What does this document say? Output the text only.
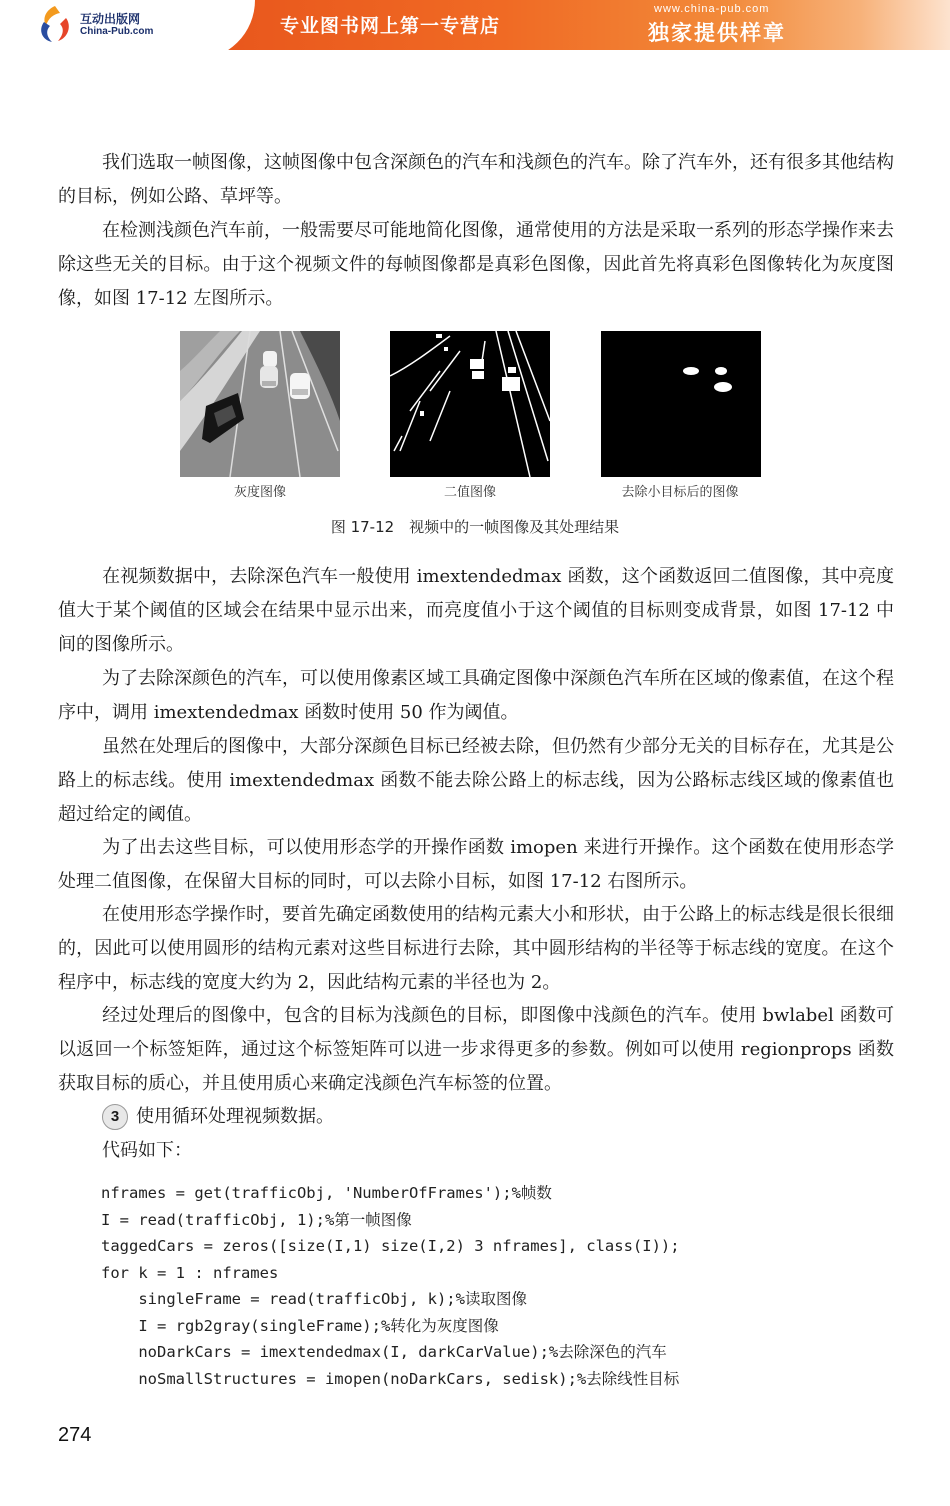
互动出版网
China-Pub.com	专业图书网上第一专营店
www.china-pub.com
独家提供样章

我们选取一帧图像，这帧图像中包含深颜色的汽车和浅颜色的汽车。除了汽车外，还有很多其他结构的目标，例如公路、草坪等。

在检测浅颜色汽车前，一般需要尽可能地简化图像，通常使用的方法是采取一系列的形态学操作来去除这些无关的目标。由于这个视频文件的每帧图像都是真彩色图像，因此首先将真彩色图像转化为灰度图像，如图 17-12 左图所示。

灰度图像	二值图像	去除小目标后的图像
图 17-12　视频中的一帧图像及其处理结果

在视频数据中，去除深色汽车一般使用 imextendedmax 函数，这个函数返回二值图像，其中亮度值大于某个阈值的区域会在结果中显示出来，而亮度值小于这个阈值的目标则变成背景，如图 17-12 中间的图像所示。

为了去除深颜色的汽车，可以使用像素区域工具确定图像中深颜色汽车所在区域的像素值，在这个程序中，调用 imextendedmax 函数时使用 50 作为阈值。

虽然在处理后的图像中，大部分深颜色目标已经被去除，但仍然有少部分无关的目标存在，尤其是公路上的标志线。使用 imextendedmax 函数不能去除公路上的标志线，因为公路标志线区域的像素值也超过给定的阈值。

为了出去这些目标，可以使用形态学的开操作函数 imopen 来进行开操作。这个函数在使用形态学处理二值图像，在保留大目标的同时，可以去除小目标，如图 17-12 右图所示。

在使用形态学操作时，要首先确定函数使用的结构元素大小和形状，由于公路上的标志线是很长很细的，因此可以使用圆形的结构元素对这些目标进行去除，其中圆形结构的半径等于标志线的宽度。在这个程序中，标志线的宽度大约为 2，因此结构元素的半径也为 2。

经过处理后的图像中，包含的目标为浅颜色的目标，即图像中浅颜色的汽车。使用 bwlabel 函数可以返回一个标签矩阵，通过这个标签矩阵可以进一步求得更多的参数。例如可以使用 regionprops 函数获取目标的质心，并且使用质心来确定浅颜色汽车标签的位置。

3 使用循环处理视频数据。
代码如下：
nframes = get(trafficObj, 'NumberOfFrames');%帧数
I = read(trafficObj, 1);%第一帧图像
taggedCars = zeros([size(I,1) size(I,2) 3 nframes], class(I));
for k = 1 : nframes
singleFrame = read(trafficObj, k);%读取图像
I = rgb2gray(singleFrame);%转化为灰度图像
noDarkCars = imextendedmax(I, darkCarValue);%去除深色的汽车
noSmallStructures = imopen(noDarkCars, sedisk);%去除线性目标
274
